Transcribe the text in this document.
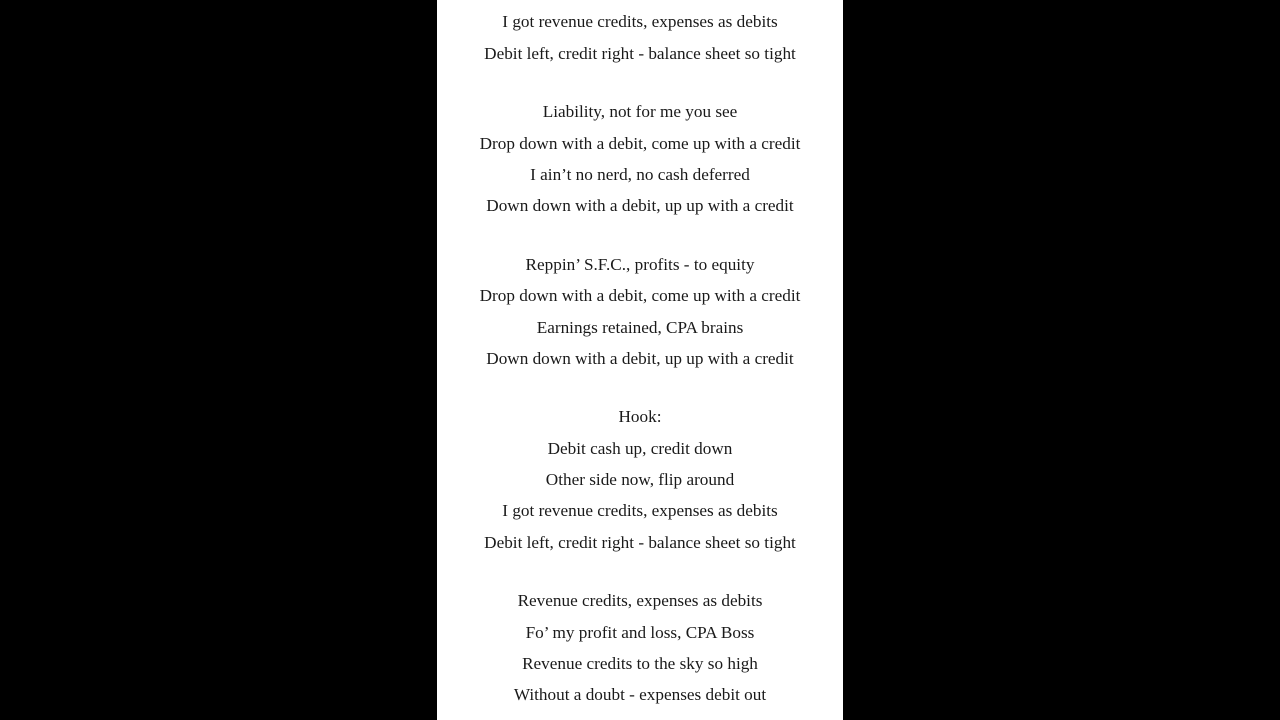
I got revenue credits, expenses as debits
Debit left, credit right - balance sheet so tight
Liability, not for me you see
Drop down with a debit, come up with a credit
I ain’t no nerd, no cash deferred
Down down with a debit, up up with a credit
Reppin’ S.F.C., profits - to equity
Drop down with a debit, come up with a credit
Earnings retained, CPA brains
Down down with a debit, up up with a credit
Hook:
Debit cash up, credit down
Other side now, flip around
I got revenue credits, expenses as debits
Debit left, credit right - balance sheet so tight
Revenue credits, expenses as debits
Fo’ my profit and loss, CPA Boss
Revenue credits to the sky so high
Without a doubt - expenses debit out
